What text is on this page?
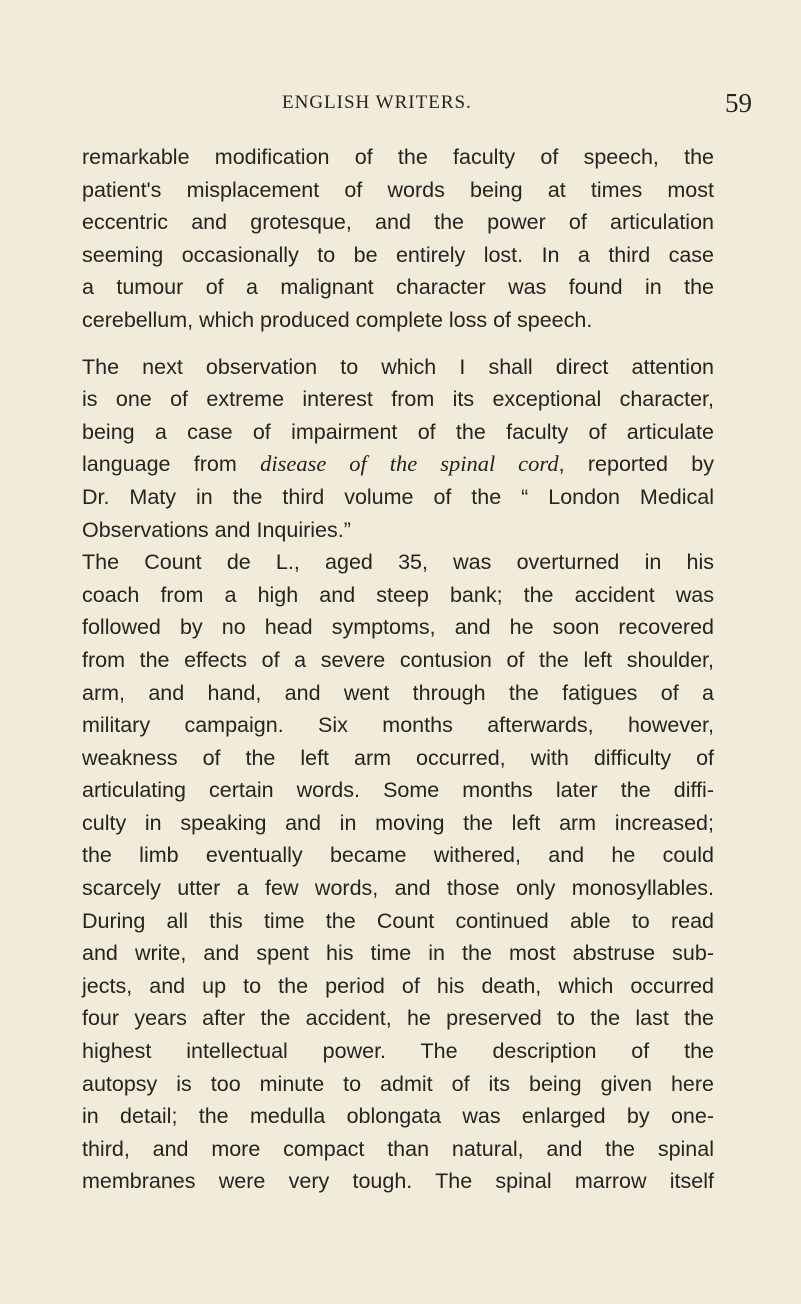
ENGLISH WRITERS.	59
remarkable modification of the faculty of speech, the
patient's misplacement of words being at times most
eccentric and grotesque, and the power of articulation
seeming occasionally to be entirely lost. In a third case
a tumour of a malignant character was found in the
cerebellum, which produced complete loss of speech.
The next observation to which I shall direct attention
is one of extreme interest from its exceptional character,
being a case of impairment of the faculty of articulate
language from disease of the spinal cord, reported by
Dr. Maty in the third volume of the “ London Medical
Observations and Inquiries.”
The Count de L., aged 35, was overturned in his
coach from a high and steep bank; the accident was
followed by no head symptoms, and he soon recovered
from the effects of a severe contusion of the left shoulder,
arm, and hand, and went through the fatigues of a
military campaign. Six months afterwards, however,
weakness of the left arm occurred, with difficulty of
articulating certain words. Some months later the diffi-
culty in speaking and in moving the left arm increased;
the limb eventually became withered, and he could
scarcely utter a few words, and those only monosyllables.
During all this time the Count continued able to read
and write, and spent his time in the most abstruse sub-
jects, and up to the period of his death, which occurred
four years after the accident, he preserved to the last the
highest intellectual power. The description of the
autopsy is too minute to admit of its being given here
in detail; the medulla oblongata was enlarged by one-
third, and more compact than natural, and the spinal
membranes were very tough. The spinal marrow itself
